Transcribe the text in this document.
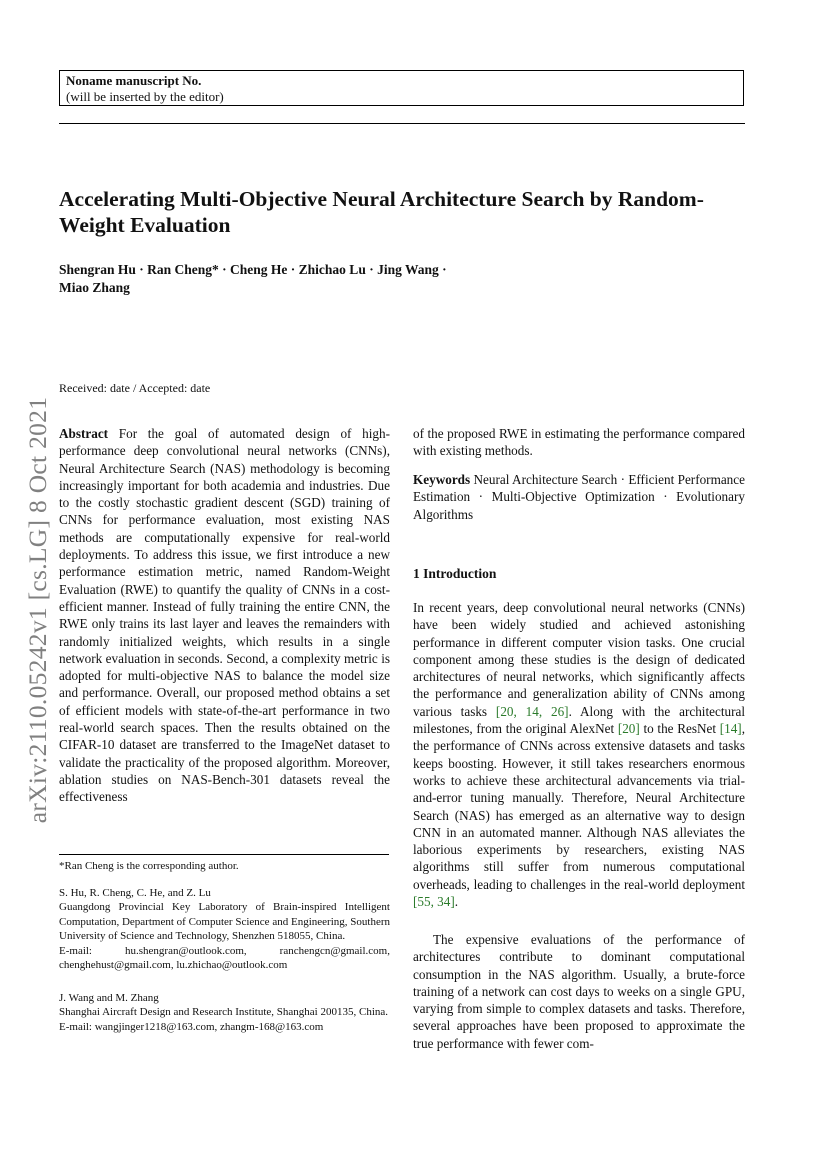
Noname manuscript No.
(will be inserted by the editor)
Accelerating Multi-Objective Neural Architecture Search by Random-Weight Evaluation
Shengran Hu · Ran Cheng* · Cheng He · Zhichao Lu · Jing Wang ·
Miao Zhang
Received: date / Accepted: date
arXiv:2110.05242v1 [cs.LG] 8 Oct 2021 Abstract For the goal of automated design of high-performance deep convolutional neural networks (CNNs), Neural Architecture Search (NAS) methodology is becoming increasingly important for both academia and industries. Due to the costly stochastic gradient descent (SGD) training of CNNs for performance evaluation, most existing NAS methods are computationally expensive for real-world deployments. To address this issue, we first introduce a new performance estimation metric, named Random-Weight Evaluation (RWE) to quantify the quality of CNNs in a cost-efficient manner. Instead of fully training the entire CNN, the RWE only trains its last layer and leaves the remainders with randomly initialized weights, which results in a single network evaluation in seconds. Second, a complexity metric is adopted for multi-objective NAS to balance the model size and performance. Overall, our proposed method obtains a set of efficient models with state-of-the-art performance in two real-world search spaces. Then the results obtained on the CIFAR-10 dataset are transferred to the ImageNet dataset to validate the practicality of the proposed algorithm. Moreover, ablation studies on NAS-Bench-301 datasets reveal the effectiveness
of the proposed RWE in estimating the performance compared with existing methods.
Keywords Neural Architecture Search · Efficient Performance Estimation · Multi-Objective Optimization · Evolutionary Algorithms
1 Introduction
In recent years, deep convolutional neural networks (CNNs) have been widely studied and achieved astonishing performance in different computer vision tasks. One crucial component among these studies is the design of dedicated architectures of neural networks, which significantly affects the performance and generalization ability of CNNs among various tasks [20, 14, 26]. Along with the architectural milestones, from the original AlexNet [20] to the ResNet [14], the performance of CNNs across extensive datasets and tasks keeps boosting. However, it still takes researchers enormous works to achieve these architectural advancements via trial-and-error tuning manually. Therefore, Neural Architecture Search (NAS) has emerged as an alternative way to design CNN in an automated manner. Although NAS alleviates the laborious experiments by researchers, existing NAS algorithms still suffer from numerous computational overheads, leading to challenges in the real-world deployment [55, 34].
The expensive evaluations of the performance of architectures contribute to dominant computational consumption in the NAS algorithm. Usually, a brute-force training of a network can cost days to weeks on a single GPU, varying from simple to complex datasets and tasks. Therefore, several approaches have been proposed to approximate the true performance with fewer com-
*Ran Cheng is the corresponding author.
S. Hu, R. Cheng, C. He, and Z. Lu
Guangdong Provincial Key Laboratory of Brain-inspired Intelligent Computation, Department of Computer Science and Engineering, Southern University of Science and Technology, Shenzhen 518055, China.
E-mail: hu.shengran@outlook.com, ranchengcn@gmail.com, chenghehust@gmail.com, lu.zhichao@outlook.com
J. Wang and M. Zhang
Shanghai Aircraft Design and Research Institute, Shanghai 200135, China.
E-mail: wangjinger1218@163.com, zhangm-168@163.com
